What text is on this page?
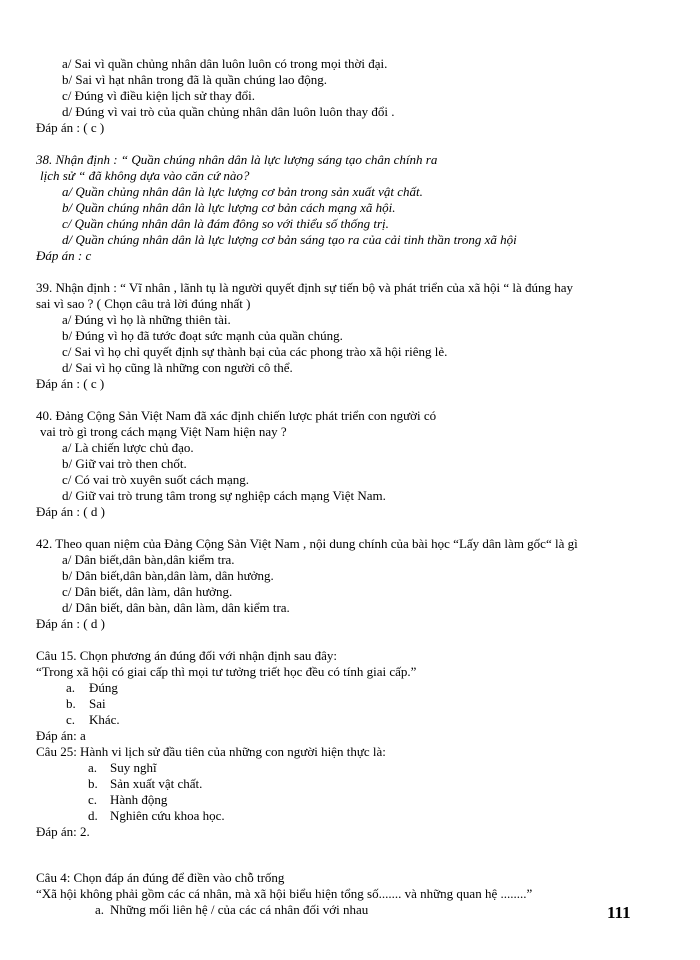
a/ Sai vì quần chủng nhân dân luôn luôn có trong mọi thời đại.
b/ Sai vì hạt nhân trong đã là quần chúng lao động.
c/ Đúng vì điều kiện lịch sử thay đổi.
d/ Đúng vì vai trò của quần chủng nhân dân luôn luôn thay đổi .
Đáp án : ( c )
38. Nhận định : “ Quần chúng nhân dân là lực lượng sáng tạo chân chính ra
lịch sử “ đã không dựa vào căn cứ nào?
a/ Quần chủng nhân dân là lực lượng cơ bản trong sản xuất vật chất.
b/ Quần chúng nhân dân là lực lượng cơ bản cách mạng xã hội.
c/ Quần chúng nhân dân là đám đông so với thiểu số thống trị.
d/ Quần chúng nhân dân là lực lượng cơ bản sáng tạo ra của cải tinh thần trong xã hội
Đáp án : c
39. Nhận định : “ Vĩ nhân , lãnh tụ là người quyết định sự tiến bộ và phát triển của xã hội “ là đúng hay
sai vì sao ? ( Chọn câu trả lời đúng nhất )
a/ Đúng vì họ là những thiên tài.
b/ Đúng vì họ đã tước đoạt sức mạnh của quần chúng.
c/ Sai vì họ chỉ quyết định sự thành bại của các phong trào xã hội riêng lẻ.
d/ Sai vì họ cũng là những con người cô thể.
Đáp án : ( c )
40. Đảng Cộng Sản Việt Nam đã xác định chiến lược phát triển con người có
vai trò gì trong cách mạng Việt Nam hiện nay ?
a/ Là chiến lược chủ đạo.
b/ Giữ vai trò then chốt.
c/ Có vai trò xuyên suốt cách mạng.
d/ Giữ vai trò trung tâm trong sự nghiệp cách mạng Việt Nam.
Đáp án : ( d )
42. Theo quan niệm của Đảng Cộng Sản Việt Nam , nội dung chính của bài học “Lấy dân làm gốc“ là gì
a/ Dân biết,dân bàn,dân kiểm tra.
b/ Dân biết,dân bàn,dân làm, dân hưởng.
c/ Dân biết, dân làm, dân hưởng.
d/ Dân biết, dân bàn, dân làm, dân kiểm tra.
Đáp án : ( d )
Câu 15. Chọn phương án đúng đối với nhận định sau đây:
“Trong xã hội có giai cấp thì mọi tư tưởng triết học đều có tính giai cấp.”
a. Đúng
b. Sai
c. Khác.
Đáp án: a
Câu 25: Hành vi lịch sử đầu tiên của những con người hiện thực là:
a. Suy nghĩ
b. Sản xuất vật chất.
c. Hành động
d. Nghiên cứu khoa học.
Đáp án: 2.
Câu 4: Chọn đáp án đúng để điền vào chỗ trống
“Xã hội không phải gồm các cá nhân, mà xã hội biểu hiện tổng số....... và những quan hệ ........”
a. Những mối liên hệ / của các cá nhân đối với nhau	111
